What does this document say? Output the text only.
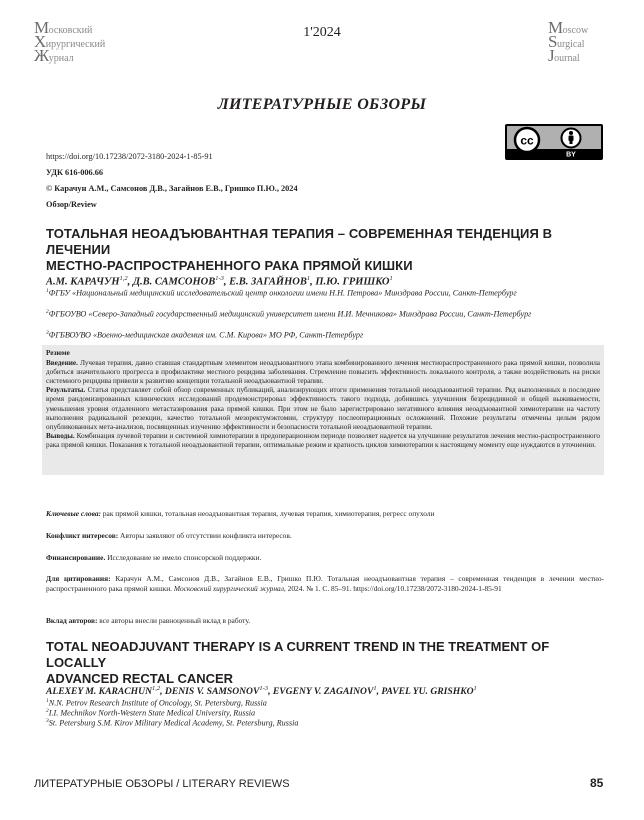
Московский
Хирургический
Журнал
1'2024	Moscow
Surgical
Journal
ЛИТЕРАТУРНЫЕ ОБЗОРЫ
cc
BY
https://doi.org/10.17238/2072-3180-2024-1-85-91
УДК 616-006.66
© Карачун А.М., Самсонов Д.В., Загайнов Е.В., Гришко П.Ю., 2024
Обзор/Review
ТОТАЛЬНАЯ НЕОАДЪЮВАНТНАЯ ТЕРАПИЯ – СОВРЕМЕННАЯ ТЕНДЕНЦИЯ В ЛЕЧЕНИИ
МЕСТНО-РАСПРОСТРАНЕННОГО РАКА ПРЯМОЙ КИШКИ
А.М. КАРАЧУН$^{1,2}$, Д.В. САМСОНОВ$^{1-3}$, Е.В. ЗАГАЙНОВ$^1$, П.Ю. ГРИШКО$^1$
$^1$ФГБУ «Национальный медицинский исследовательский центр онкологии имени Н.Н. Петрова» Минздрава России, Санкт-Петербург
$^2$ФГБОУВО «Северо-Западный государственный медицинский университет имени И.И. Мечникова» Минздрава России, Санкт-Петербург
$^3$ФГБВОУВО «Военно-медицинская академия им. С.М. Кирова» МО РФ, Санкт-Петербург
Резюме

Введение. Лучевая терапия, давно ставшая стандартным элементом неоадъювантного этапа комбинированного лечения местнораспространенного рака прямой кишки, позволила добиться значительного прогресса в профилактике местного рецидива заболевания. Стремление повысить эффективность локального контроля, а также воздействовать на риски системного рецидива привели к развитию концепции тотальной неоадъювантной терапии.

Результаты. Статья представляет собой обзор современных публикаций, анализирующих итоги применения тотальной неоадъювантной терапии. Ряд выполненных в последнее время рандомизированных клинических исследований продемонстрировал эффективность такого подхода, добившись улучшения безрецидивной и общей выживаемости, уменьшения уровня отдаленного метастазирования рака прямой кишки. При этом не было зарегистрировано негативного влияния неоадъювантной химиотерапии на частоту выполнения радикальной резекции, качество тотальной мезоректумэктомии, структуру послеоперационных осложнений. Похожие результаты отмечены целым рядом опубликованных мета-анализов, посвященных изучению эффективности и безопасности тотальной неоадъювантной терапии.

Выводы. Комбинация лучевой терапии и системной химиотерапии в предоперационном периоде позволяет надеется на улучшение результатов лечения местно-распространенного рака прямой кишки. Показания к тотальной неоадъювантной терапии, оптимальные режим и кратность циклов химиотерапии к настоящему моменту еще нуждаются в уточнении.

Ключевые слова: рак прямой кишки, тотальная неоадъювантная терапия, лучевая терапия, химиотерапия, регресс опухоли
Конфликт интересов: Авторы заявляют об отсутствии конфликта интересов.
Финансирование. Исследование не имело спонсорской поддержки.
Для цитирования: Карачун А.М., Самсонов Д.В., Загайнов Е.В., Гришко П.Ю. Тотальная неоадъювантная терапия – современная тенденция в лечении местно-распространенного рака прямой кишки. Московский хирургический журнал, 2024. № 1. С. 85–91. https://doi.org/10.17238/2072-3180-2024-1-85-91
Вклад авторов: все авторы внесли равноценный вклад в работу.
TOTAL NEOADJUVANT THERAPY IS A CURRENT TREND IN THE TREATMENT OF LOCALLY
ADVANCED RECTAL CANCER
ALEXEY M. KARACHUN$^{1,2}$, DENIS V. SAMSONOV$^{1-3}$, EVGENY V. ZAGAINOV$^1$, PAVEL YU. GRISHKO$^1$
$^1$N.N. Petrov Research Institute of Oncology, St. Petersburg, Russia
$^2$I.I. Mechnikov North-Western State Medical University, Russia
$^3$St. Petersburg S.M. Kirov Military Medical Academy, St. Petersburg, Russia
ЛИТЕРАТУРНЫЕ ОБЗОРЫ / LITERARY REVIEWS	85
